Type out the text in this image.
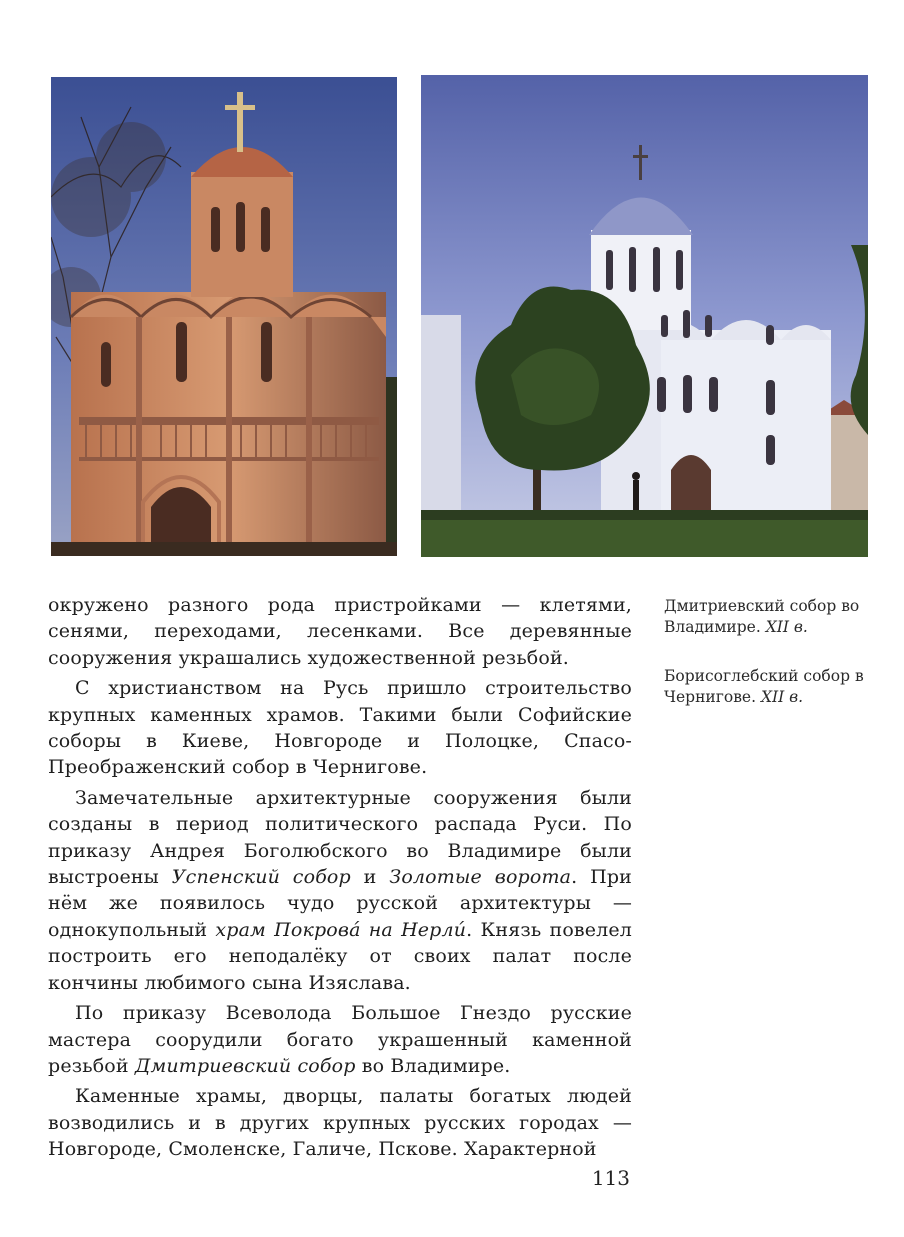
окружено разного рода пристройками — клетями, сенями, переходами, лесенками. Все деревянные сооружения украшались художественной резьбой.

С христианством на Русь пришло строительство крупных каменных храмов. Такими были Софийские соборы в Киеве, Новгороде и Полоцке, Спасо-Преображенский собор в Чернигове.

Замечательные архитектурные сооружения были созданы в период политического распада Руси. По приказу Андрея Боголюбского во Владимире были выстроены Успенский собор и Золотые ворота. При нём же появилось чудо русской архитектуры — однокупольный храм Покрова́ на Нерли́. Князь повелел построить его неподалёку от своих палат после кончины любимого сына Изяслава.

По приказу Всеволода Большое Гнездо русские мастера соорудили богато украшенный каменной резьбой Дмитриевский собор во Владимире.

Каменные храмы, дворцы, палаты богатых людей возводились и в других крупных русских городах — Новгороде, Смоленске, Галиче, Пскове. Характерной

Дмитриевский собор во Владимире. XII в.
Борисоглебский собор в Чернигове. XII в.
113
